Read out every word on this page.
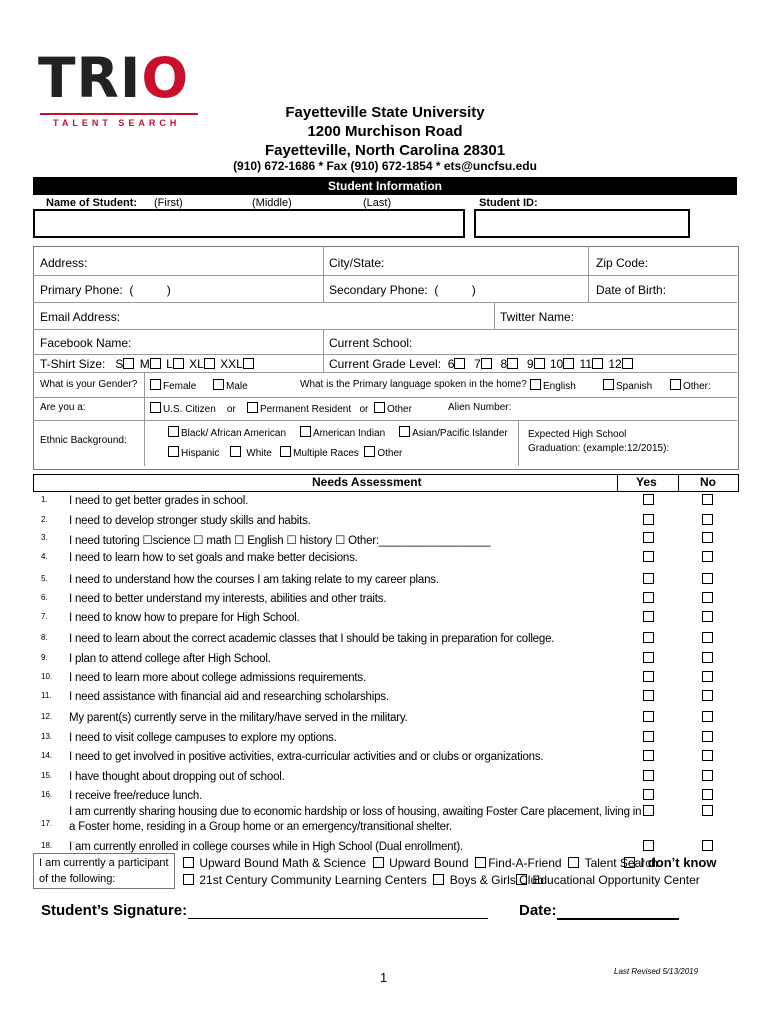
TRIO
TALENT SEARCH
Fayetteville State University
1200 Murchison Road
Fayetteville, North Carolina 28301
(910) 672-1686 * Fax (910) 672-1854 * ets@uncfsu.edu
Student Information
Name of Student: (First)	(Middle)	(Last)	Student ID:
Address:	City/State:	Zip Code:
Primary Phone:  (          )	Secondary Phone:  (          )	Date of Birth:
Email Address:	Twitter Name:
Facebook Name:	Current School:
T-Shirt Size: S M L XL XXL	Current Grade Level: 6 7 8 9 10 11 12
What is your Gender?	Female	Male	What is the Primary language spoken in the home?	English	Spanish	Other:
Are you a:	U.S. Citizen or Permanent Resident or Other	Alien Number:
Ethnic Background:
Black/ African American	American Indian	Asian/Pacific Islander
Hispanic	White Multiple Races Other
Expected High School
Graduation: (example:12/2015):
Needs Assessment	Yes	No
1. I need to get better grades in school.
2. I need to develop stronger study skills and habits.
3. I need tutoring ☐science ☐ math ☐ English ☐ history ☐ Other:__________________
4. I need to learn how to set goals and make better decisions.
5. I need to understand how the courses I am taking relate to my career plans.
6. I need to better understand my interests, abilities and other traits.
7. I need to know how to prepare for High School.
8. I need to learn about the correct academic classes that I should be taking in preparation for college.
9. I plan to attend college after High School.
10. I need to learn more about college admissions requirements.
11. I need assistance with financial aid and researching scholarships.
12. My parent(s) currently serve in the military/have served in the military.
13. I need to visit college campuses to explore my options.
14. I need to get involved in positive activities, extra-curricular activities and or clubs or organizations.
15. I have thought about dropping out of school.
16. I receive free/reduce lunch.
17.
I am currently sharing housing due to economic hardship or loss of housing, awaiting Foster Care placement, living in
a Foster home, residing in a Group home or an emergency/transitional shelter.
18. I am currently enrolled in college courses while in High School (Dual enrollment).
I am currently a participant
of the following:
Upward Bound Math & Science Upward Bound Find-A-Friend Talent Search
I don’t know
21st Century Community Learning Centers Boys & Girls Club
Educational Opportunity Center
Student’s Signature:	Date:
1	Last Revised 5/13/2019
